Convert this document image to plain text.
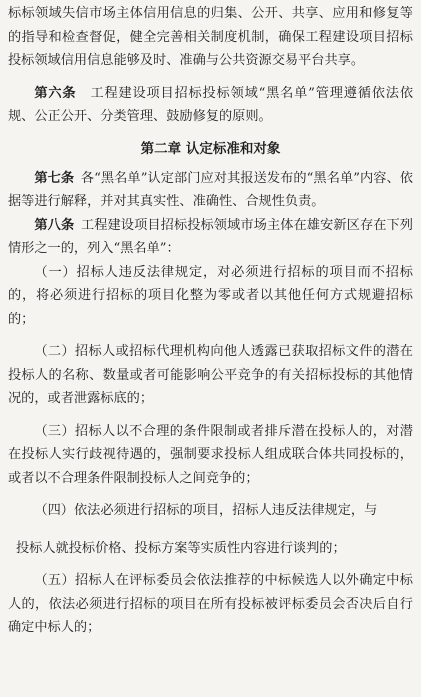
标标领域失信市场主体信用信息的归集、公开、共享、应用和修复等的指导和检查督促，健全完善相关制度机制，确保工程建设项目招标投标领域信用信息能够及时、准确与公共资源交易平台共享。

第六条  工程建设项目招标投标领域“黑名单”管理遵循依法依规、公正公开、分类管理、鼓励修复的原则。

第二章 认定标准和对象

第七条  各“黑名单”认定部门应对其报送发布的“黑名单”内容、依据等进行解释，并对其真实性、准确性、合规性负责。

第八条  工程建设项目招标投标领域市场主体在雄安新区存在下列情形之一的，列入“黑名单”：

（一）招标人违反法律规定，对必须进行招标的项目而不招标的，将必须进行招标的项目化整为零或者以其他任何方式规避招标的；

（二）招标人或招标代理机构向他人透露已获取招标文件的潜在投标人的名称、数量或者可能影响公平竞争的有关招标投标的其他情况的，或者泄露标底的；

（三）招标人以不合理的条件限制或者排斥潜在投标人的，对潜在投标人实行歧视待遇的，强制要求投标人组成联合体共同投标的，或者以不合理条件限制投标人之间竞争的；

（四）依法必须进行招标的项目，招标人违反法律规定，与

投标人就投标价格、投标方案等实质性内容进行谈判的；

（五）招标人在评标委员会依法推荐的中标候选人以外确定中标人的，依法必须进行招标的项目在所有投标被评标委员会否决后自行确定中标人的；
